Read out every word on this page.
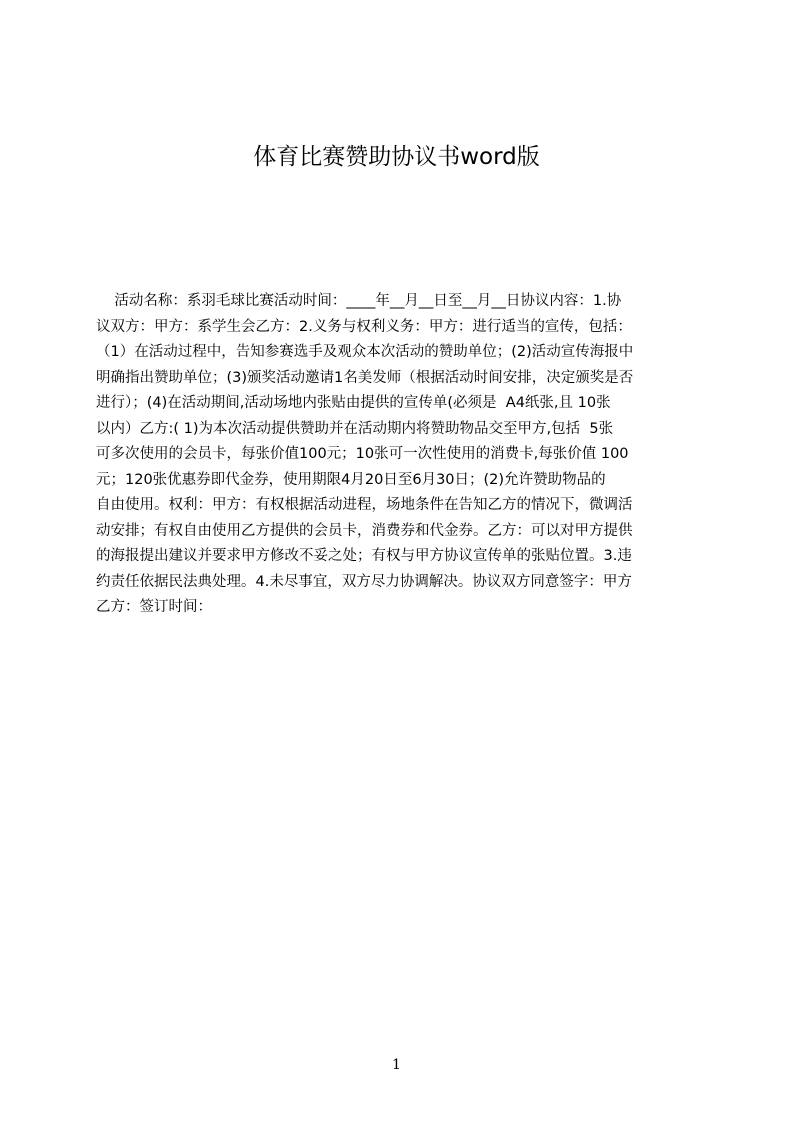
体育比赛赞助协议书word版
活动名称：系羽毛球比赛活动时间：____年__月__日至__月__日协议内容：1.协
议双方：甲方：系学生会乙方：2.义务与权利义务：甲方：进行适当的宣传，包括：
（1）在活动过程中，告知参赛选手及观众本次活动的赞助单位；(2)活动宣传海报中
明确指出赞助单位；(3)颁奖活动邀请1名美发师（根据活动时间安排，决定颁奖是否
进行）；(4)在活动期间,活动场地内张贴由提供的宣传单(必须是  A4纸张,且 10张
以内）乙方:( 1)为本次活动提供赞助并在活动期内将赞助物品交至甲方,包括  5张
可多次使用的会员卡，每张价值100元；10张可一次性使用的消费卡,每张价值 100
元；120张优惠券即代金券，使用期限4月20日至6月30日；(2)允许赞助物品的
自由使用。权利：甲方：有权根据活动进程，场地条件在告知乙方的情况下，微调活
动安排；有权自由使用乙方提供的会员卡，消费券和代金券。乙方：可以对甲方提供
的海报提出建议并要求甲方修改不妥之处；有权与甲方协议宣传单的张贴位置。3.违
约责任依据民法典处理。4.未尽事宜，双方尽力协调解决。协议双方同意签字：甲方
乙方：签订时间：
1
